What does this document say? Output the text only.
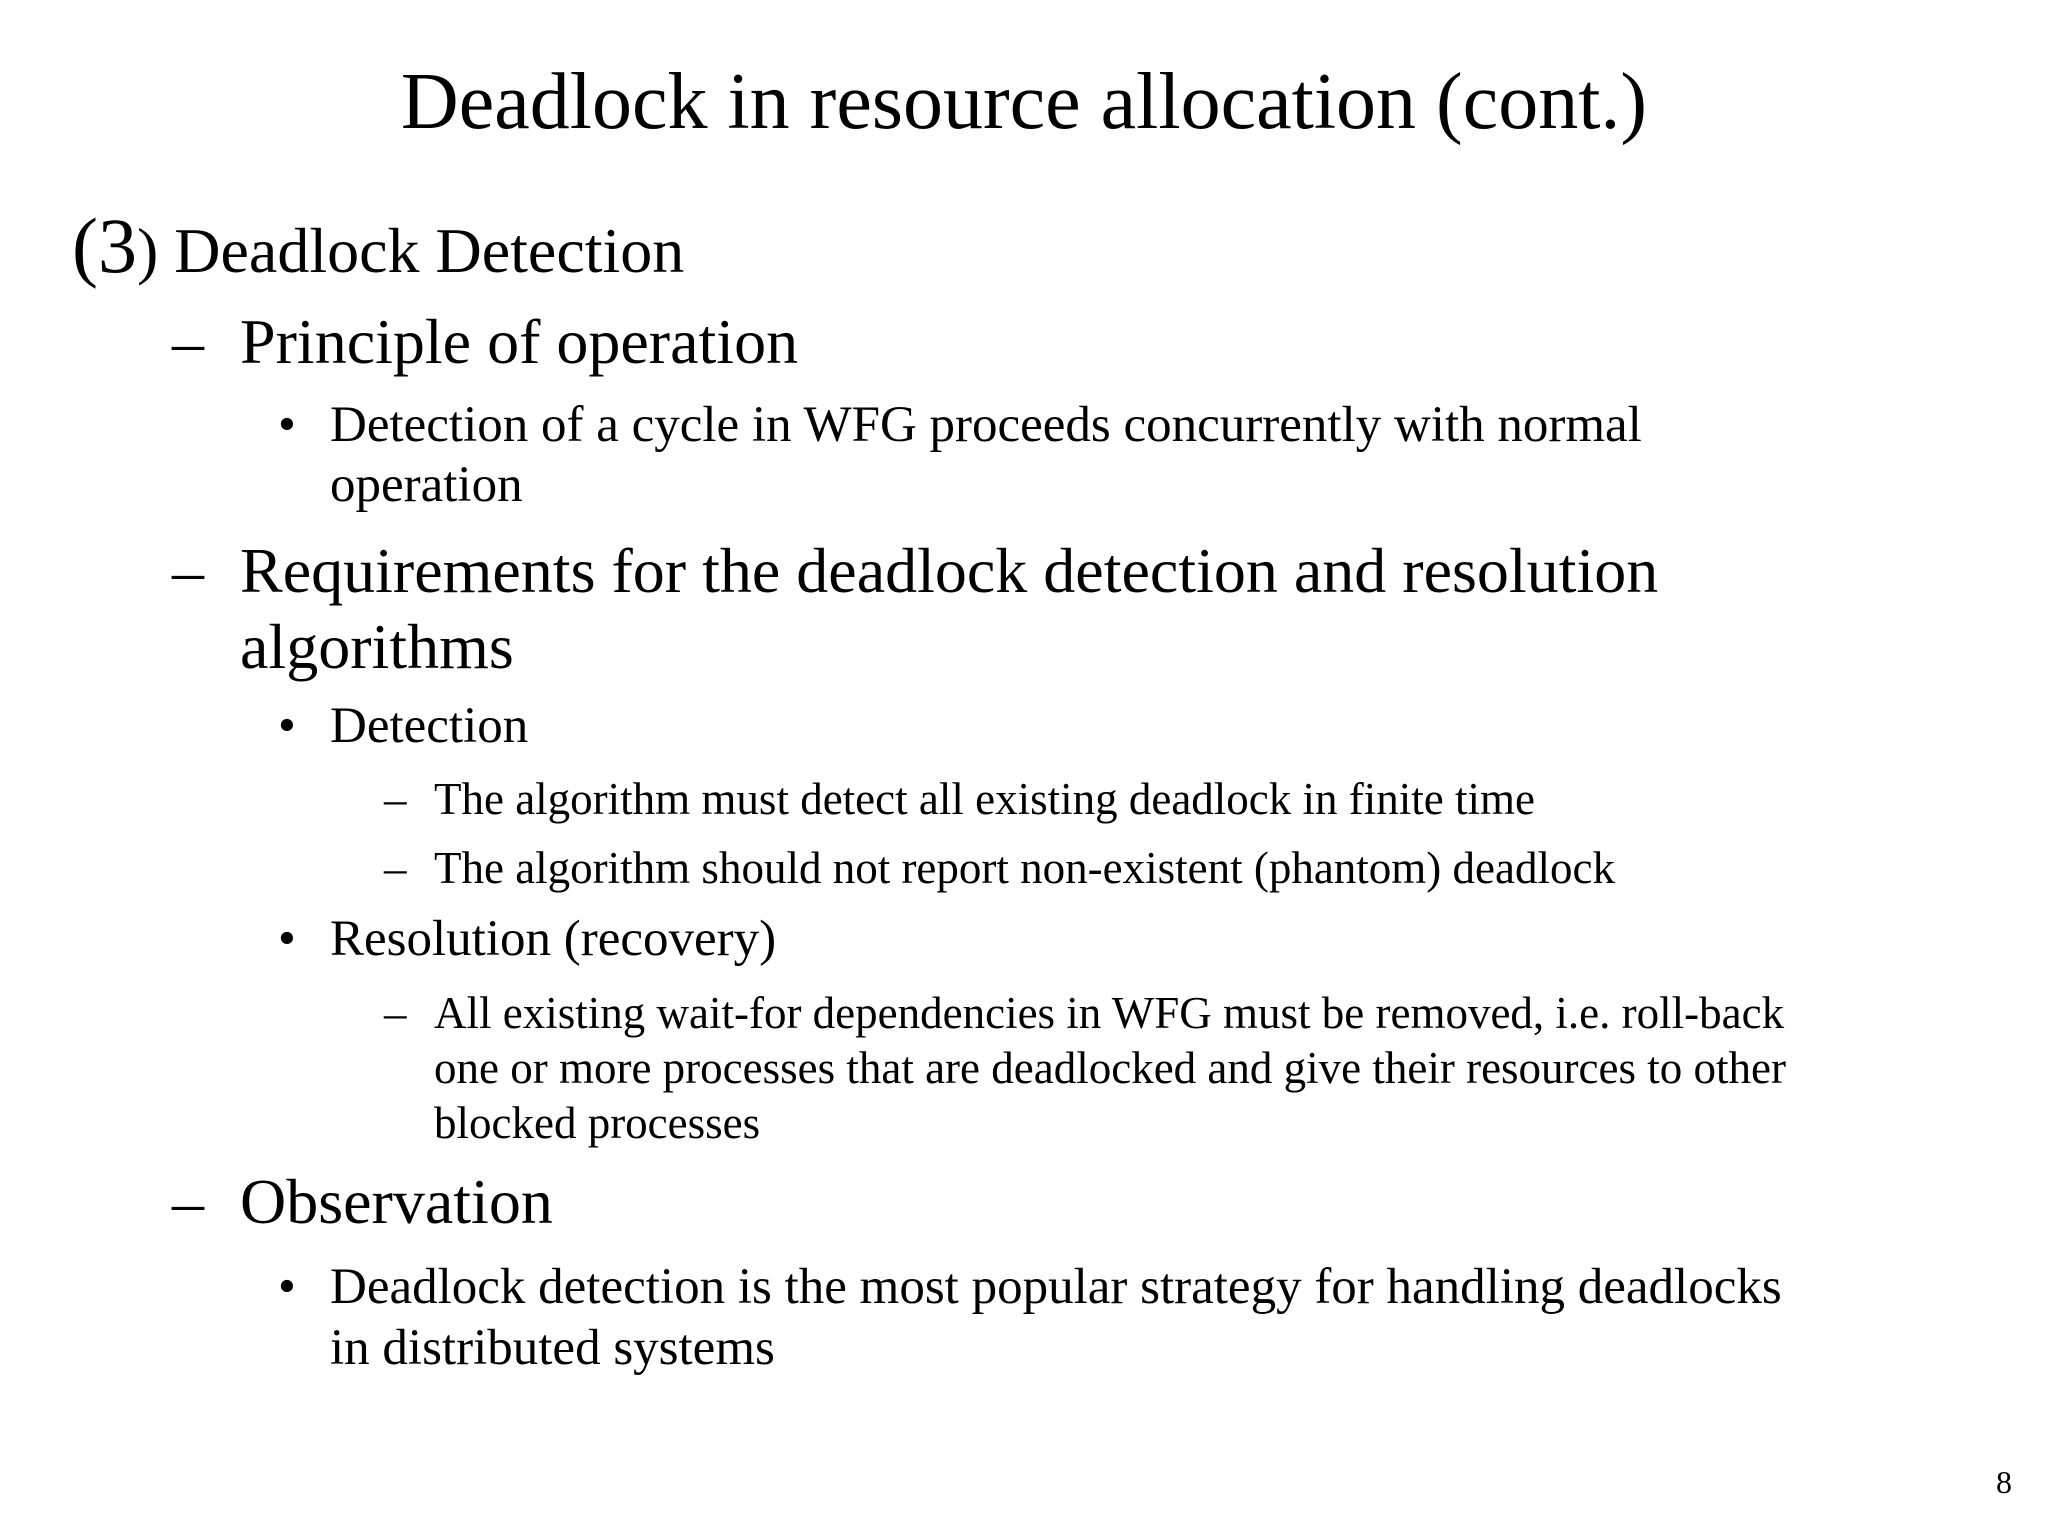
Deadlock in resource allocation (cont.)
(3) Deadlock Detection
– Principle of operation
• Detection of a cycle in WFG proceeds concurrently with normal
operation
– Requirements for the deadlock detection and resolution
algorithms
• Detection
– The algorithm must detect all existing deadlock in finite time
– The algorithm should not report non-existent (phantom) deadlock
• Resolution (recovery)
– All existing wait-for dependencies in WFG must be removed, i.e. roll-back
one or more processes that are deadlocked and give their resources to other
blocked processes
– Observation
• Deadlock detection is the most popular strategy for handling deadlocks
in distributed systems
8
